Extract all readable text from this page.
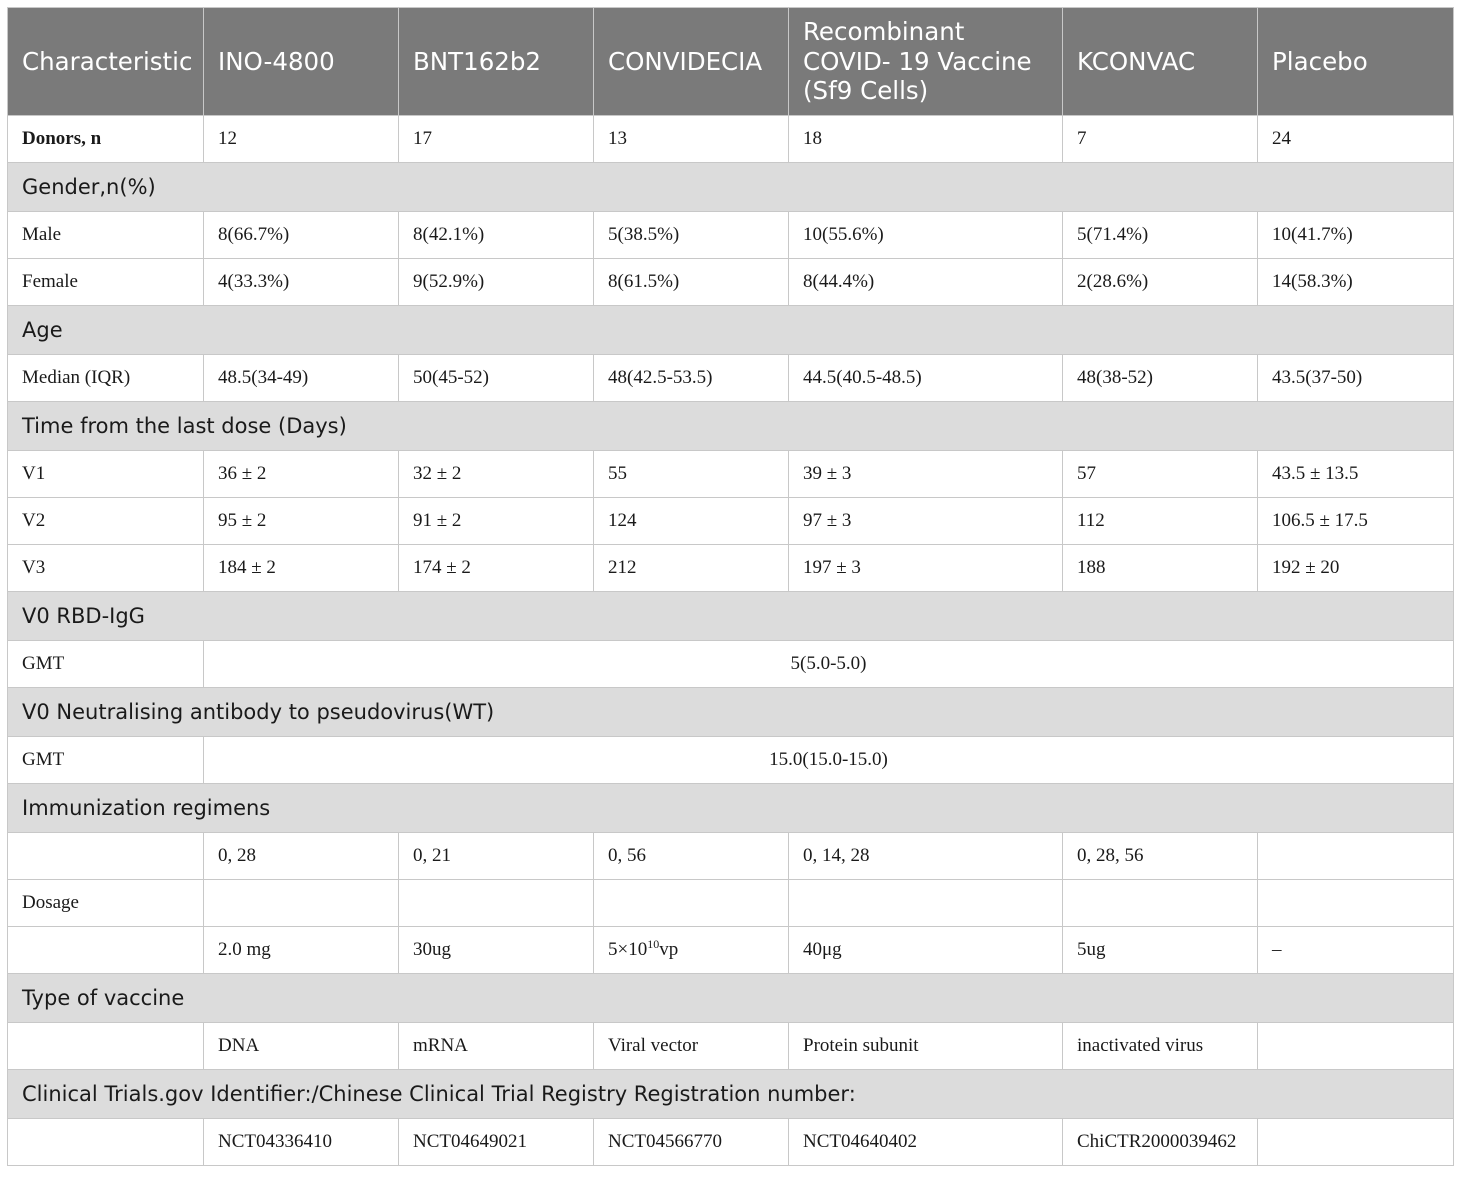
Characteristic	INO-4800	BNT162b2	CONVIDECIA	Recombinant COVID- 19 Vaccine (Sf9 Cells)	KCONVAC	Placebo
Donors, n	12	17	13	18	7	24
Gender,n(%)						
Male	8(66.7%)	8(42.1%)	5(38.5%)	10(55.6%)	5(71.4%)	10(41.7%)
Female	4(33.3%)	9(52.9%)	8(61.5%)	8(44.4%)	2(28.6%)	14(58.3%)
Age						
Median (IQR)	48.5(34-49)	50(45-52)	48(42.5-53.5)	44.5(40.5-48.5)	48(38-52)	43.5(37-50)
Time from the last dose (Days)						
V1	36 ± 2	32 ± 2	55	39 ± 3	57	43.5 ± 13.5
V2	95 ± 2	91 ± 2	124	97 ± 3	112	106.5 ± 17.5
V3	184 ± 2	174 ± 2	212	197 ± 3	188	192 ± 20
V0 RBD-IgG						
GMT	5(5.0-5.0)					
V0 Neutralising antibody to pseudovirus(WT)						
GMT	15.0(15.0-15.0)					
Immunization regimens						
	0, 28	0, 21	0, 56	0, 14, 28	0, 28, 56	
Dosage						
	2.0 mg	30ug	$5\times 10^{10}vp$	40μg	5ug	–
Type of vaccine						
	DNA	mRNA	Viral vector	Protein subunit	inactivated virus	
Clinical Trials.gov Identifier:/Chinese Clinical Trial Registry Registration number:						
	NCT04336410	NCT04649021	NCT04566770	NCT04640402	ChiCTR2000039462	
